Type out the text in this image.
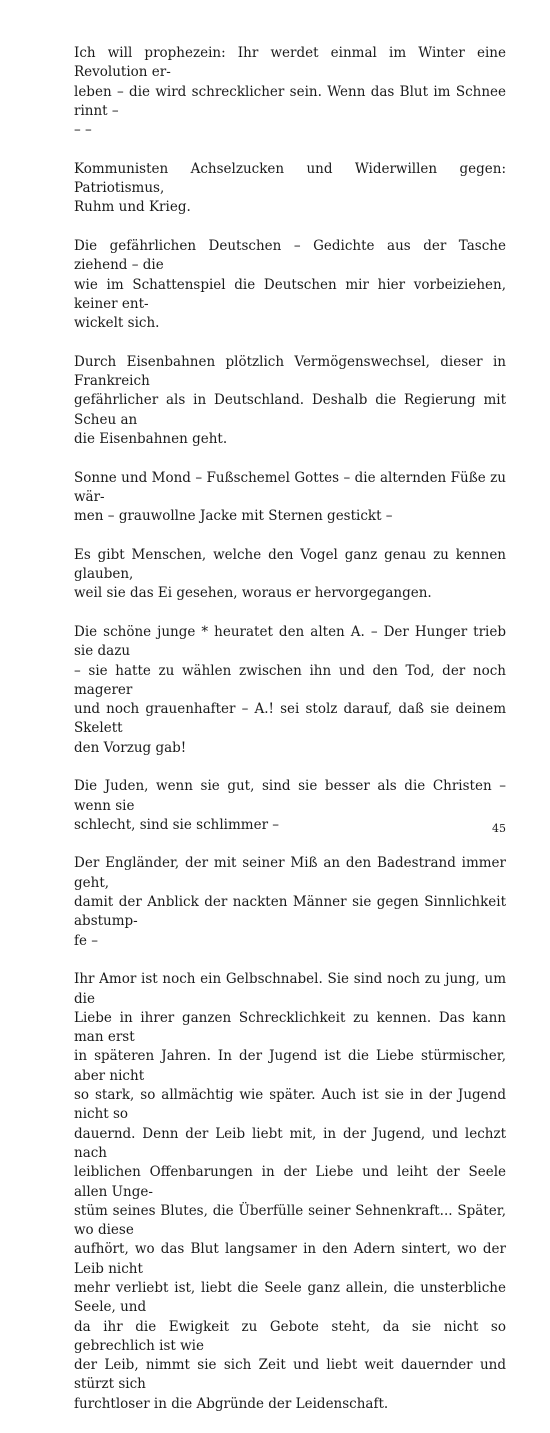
Ich will prophezein: Ihr werdet einmal im Winter eine Revolution er-
leben – die wird schrecklicher sein. Wenn das Blut im Schnee rinnt –
– –

Kommunisten Achselzucken und Widerwillen gegen: Patriotismus,
Ruhm und Krieg.

Die gefährlichen Deutschen – Gedichte aus der Tasche ziehend – die
wie im Schattenspiel die Deutschen mir hier vorbeiziehen, keiner ent-
wickelt sich.

Durch Eisenbahnen plötzlich Vermögenswechsel, dieser in Frankreich
gefährlicher als in Deutschland. Deshalb die Regierung mit Scheu an
die Eisenbahnen geht.

Sonne und Mond – Fußschemel Gottes – die alternden Füße zu wär-
men – grauwollne Jacke mit Sternen gestickt –

Es gibt Menschen, welche den Vogel ganz genau zu kennen glauben,
weil sie das Ei gesehen, woraus er hervorgegangen.

Die schöne junge * heuratet den alten A. – Der Hunger trieb sie dazu
– sie hatte zu wählen zwischen ihn und den Tod, der noch magerer
und noch grauenhafter – A.! sei stolz darauf, daß sie deinem Skelett
den Vorzug gab!

Die Juden, wenn sie gut, sind sie besser als die Christen – wenn sie
schlecht, sind sie schlimmer –

Der Engländer, der mit seiner Miß an den Badestrand immer geht,
damit der Anblick der nackten Männer sie gegen Sinnlichkeit abstump-
fe –

Ihr Amor ist noch ein Gelbschnabel. Sie sind noch zu jung, um die
Liebe in ihrer ganzen Schrecklichkeit zu kennen. Das kann man erst
in späteren Jahren. In der Jugend ist die Liebe stürmischer, aber nicht
so stark, so allmächtig wie später. Auch ist sie in der Jugend nicht so
dauernd. Denn der Leib liebt mit, in der Jugend, und lechzt nach
leiblichen Offenbarungen in der Liebe und leiht der Seele allen Unge-
stüm seines Blutes, die Überfülle seiner Sehnenkraft... Später, wo diese
aufhört, wo das Blut langsamer in den Adern sintert, wo der Leib nicht
mehr verliebt ist, liebt die Seele ganz allein, die unsterbliche Seele, und
da ihr die Ewigkeit zu Gebote steht, da sie nicht so gebrechlich ist wie
der Leib, nimmt sie sich Zeit und liebt weit dauernder und stürzt sich
furchtloser in die Abgründe der Leidenschaft.

45
